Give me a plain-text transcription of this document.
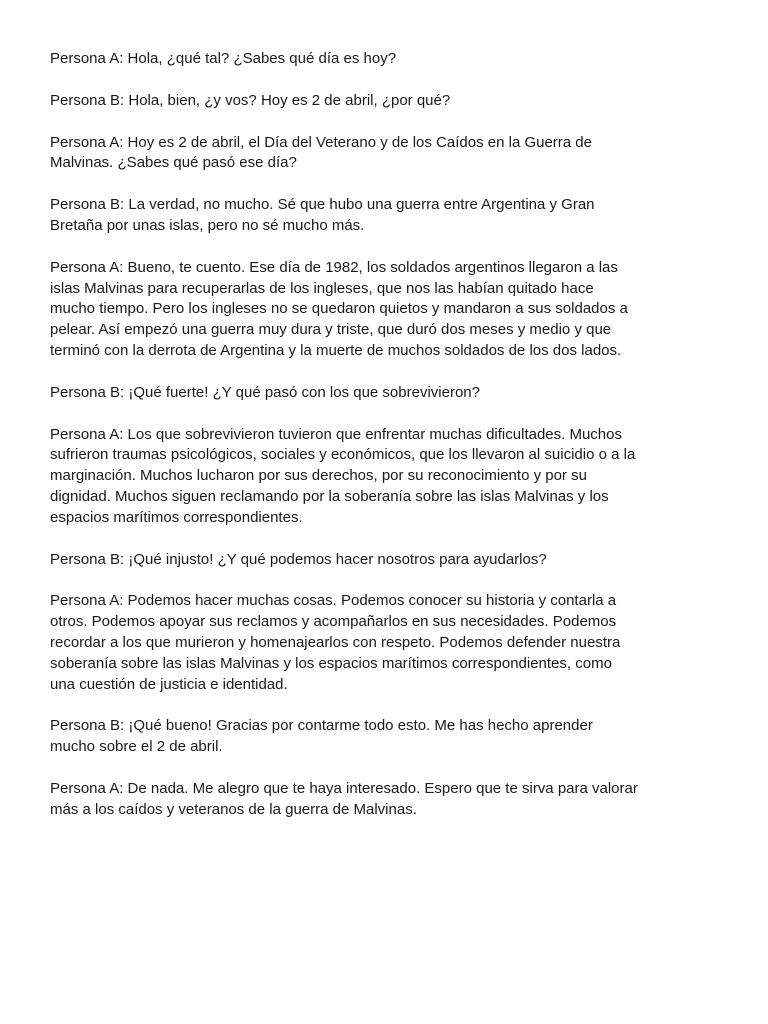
Persona A: Hola, ¿qué tal? ¿Sabes qué día es hoy?

Persona B: Hola, bien, ¿y vos? Hoy es 2 de abril, ¿por qué?

Persona A: Hoy es 2 de abril, el Día del Veterano y de los Caídos en la Guerra de
Malvinas. ¿Sabes qué pasó ese día?

Persona B: La verdad, no mucho. Sé que hubo una guerra entre Argentina y Gran
Bretaña por unas islas, pero no sé mucho más.

Persona A: Bueno, te cuento. Ese día de 1982, los soldados argentinos llegaron a las
islas Malvinas para recuperarlas de los ingleses, que nos las habían quitado hace
mucho tiempo. Pero los ingleses no se quedaron quietos y mandaron a sus soldados a
pelear. Así empezó una guerra muy dura y triste, que duró dos meses y medio y que
terminó con la derrota de Argentina y la muerte de muchos soldados de los dos lados.

Persona B: ¡Qué fuerte! ¿Y qué pasó con los que sobrevivieron?

Persona A: Los que sobrevivieron tuvieron que enfrentar muchas dificultades. Muchos
sufrieron traumas psicológicos, sociales y económicos, que los llevaron al suicidio o a la
marginación. Muchos lucharon por sus derechos, por su reconocimiento y por su
dignidad. Muchos siguen reclamando por la soberanía sobre las islas Malvinas y los
espacios marítimos correspondientes.

Persona B: ¡Qué injusto! ¿Y qué podemos hacer nosotros para ayudarlos?

Persona A: Podemos hacer muchas cosas. Podemos conocer su historia y contarla a
otros. Podemos apoyar sus reclamos y acompañarlos en sus necesidades. Podemos
recordar a los que murieron y homenajearlos con respeto. Podemos defender nuestra
soberanía sobre las islas Malvinas y los espacios marítimos correspondientes, como
una cuestión de justicia e identidad.

Persona B: ¡Qué bueno! Gracias por contarme todo esto. Me has hecho aprender
mucho sobre el 2 de abril.

Persona A: De nada. Me alegro que te haya interesado. Espero que te sirva para valorar
más a los caídos y veteranos de la guerra de Malvinas.
